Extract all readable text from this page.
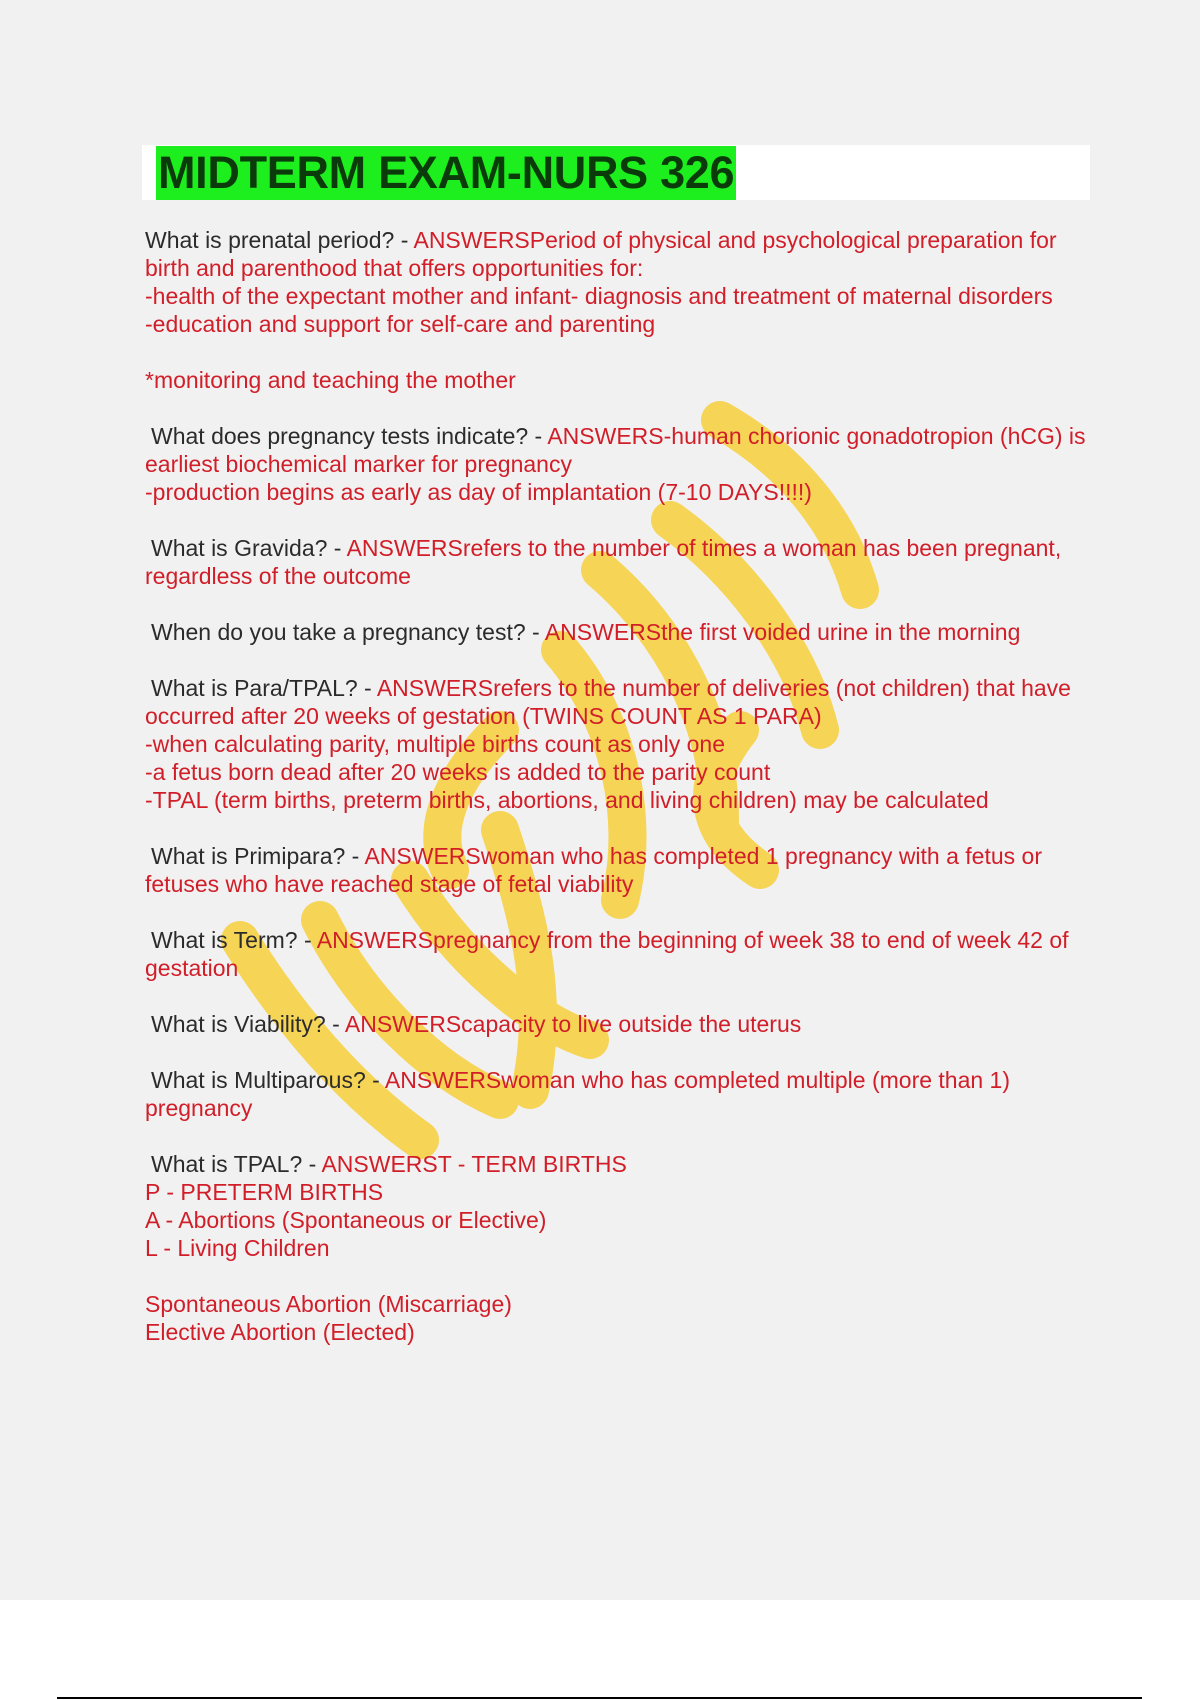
MIDTERM EXAM-NURS 326

What is prenatal period? - ANSWERSPeriod of physical and psychological preparation for birth and parenthood that offers opportunities for:
-health of the expectant mother and infant- diagnosis and treatment of maternal disorders
-education and support for self-care and parenting

*monitoring and teaching the mother

What does pregnancy tests indicate? - ANSWERS-human chorionic gonadotropion (hCG) is earliest biochemical marker for pregnancy
-production begins as early as day of implantation (7-10 DAYS!!!!)

What is Gravida? - ANSWERSrefers to the number of times a woman has been pregnant, regardless of the outcome

When do you take a pregnancy test? - ANSWERSthe first voided urine in the morning

What is Para/TPAL? - ANSWERSrefers to the number of deliveries (not children) that have occurred after 20 weeks of gestation (TWINS COUNT AS 1 PARA)
-when calculating parity, multiple births count as only one
-a fetus born dead after 20 weeks is added to the parity count
-TPAL (term births, preterm births, abortions, and living children) may be calculated

What is Primipara? - ANSWERSwoman who has completed 1 pregnancy with a fetus or fetuses who have reached stage of fetal viability

What is Term? - ANSWERSpregnancy from the beginning of week 38 to end of week 42 of gestation

What is Viability? - ANSWERScapacity to live outside the uterus

What is Multiparous? - ANSWERSwoman who has completed multiple (more than 1) pregnancy

What is TPAL? - ANSWERST - TERM BIRTHS
P - PRETERM BIRTHS
A - Abortions (Spontaneous or Elective)
L - Living Children

Spontaneous Abortion (Miscarriage)
Elective Abortion (Elected)
